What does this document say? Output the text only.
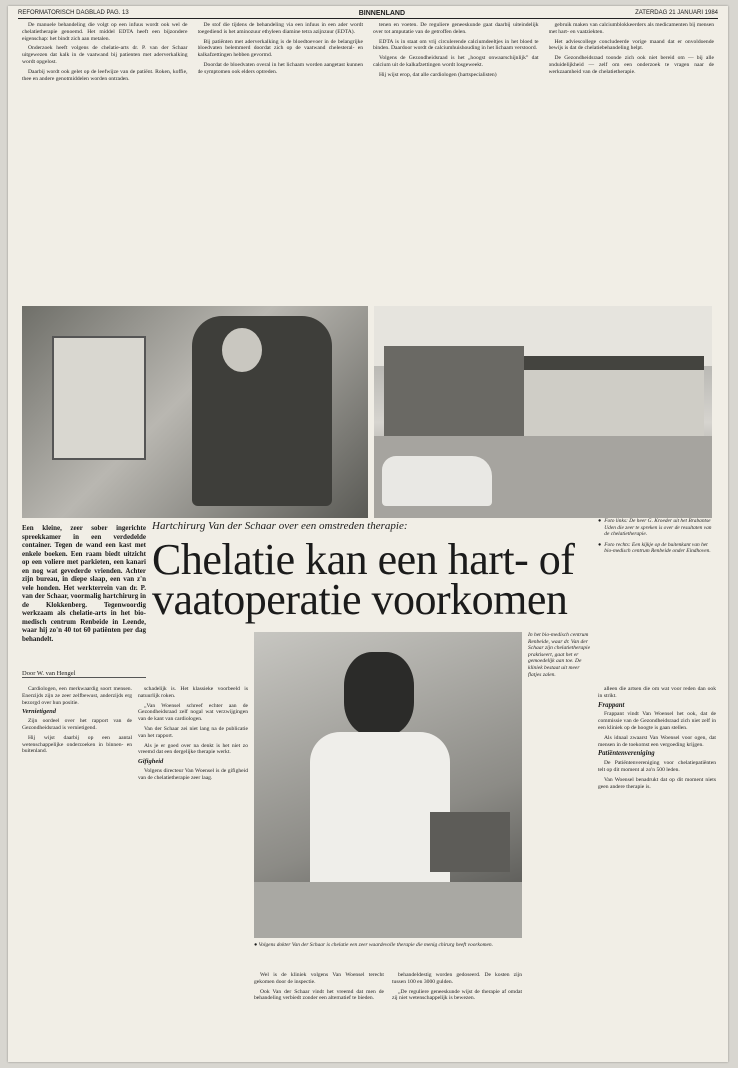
REFORMATORISCH DAGBLAD PAG. 13	BINNENLAND	ZATERDAG 21 JANUARI 1984

De manuele behandeling die volgt op een infuus wordt ook wel de chelatietherapie genoemd. Het middel EDTA heeft een bijzondere eigenschap: het bindt zich aan metalen.

Onderzoek heeft volgens de chelatie-arts dr. P. van der Schaar uitgewezen dat kalk in de vaatwand bij patienten met aderverkalking wordt opgelost.

Daarbij wordt ook gelet op de leefwijze van de patiënt. Roken, koffie, thee en andere genotmiddelen worden ontraden.

De stof die tijdens de behandeling via een infuus in een ader wordt toegediend is het aminozuur ethyleen diamine tetra azijnzuur (EDTA).

Bij patiënten met aderverkalking is de bloedtoevoer in de belangrijke bloedvaten belemmerd doordat zich op de vaatwand chelesteral- en kalkafzettingen hebben gevormd.

Doordat de bloedvaten overal in het lichaam worden aangetast kunnen de symptomen ook elders optreden.

tenen en voeten. De reguliere geneeskunde gaat daarbij uiteindelijk over tot amputatie van de getroffen delen.

EDTA is in staat om vrij circulerende calciumdeeltjes in het bloed te binden. Daardoor wordt de calciumhuishouding in het lichaam verstoord.

Volgens de Gezondheidsraad is het „hoogst onwaarschijnlijk” dat calcium uit de kalkafzettingen wordt losgeweekt.

Hij wijst erop, dat alle cardiologen (hartspecialisten)

gebruik maken van calciumblokkeerders als medicamenten bij mensen met hart- en vaatziekten.

Het adviescollege concludeerde vorige maand dat er onvoldoende bewijs is dat de chelatiebehandeling helpt.

De Gezondheidsraad toonde zich ook niet bereid om — bij alle onduidelijkheid — zelf om een onderzoek te vragen naar de werkzaamheid van de chelatietherapie.

Een kleine, zeer sober ingerichte spreekkamer in een verdedelde container. Tegen de wand een kast met enkele boeken. Een raam biedt uitzicht op een voliere met parkieten, een kanari en nog wat gevederde vrienden. Achter zijn bureau, in diepe slaap, een van z'n vele honden. Het werkterrein van dr. P. van der Schaar, voormalig hartchirurg in de Klokkenberg. Tegenwoordig werkzaam als chelatie-arts in het bio-medisch centrum Renbeide in Leende, waar hij zo'n 40 tot 60 patiënten per dag behandelt.
Door W. van Hengel
Hartchirurg Van der Schaar over een omstreden therapie:
Chelatie kan een hart- of vaatoperatie voorkomen
● Foto links: De heer G. Kroeder uit het Brabantse Uden die zeer te spreken is over de resultaten van de chelatietherapie.
● Foto rechts: Een kijkje op de buitenkant van het bio-medisch centrum Renbeide onder Eindhoven.

Cardiologen, een merkwaardig soort mensen. Enerzijds zijn ze zeer zelfbewust, anderzijds erg bezorgd over hun positie.

Vernietigend

Zijn oordeel over het rapport van de Gezondheidsraad is vernietigend.

Hij wijst daarbij op een aantal wetenschappelijke onderzoeken in binnen- en buitenland.

schadelijk is. Het klassieke voorbeeld is natuurlijk roken.

„Van Woensel schreef echter aan de Gezondheidsraad zelf nogal wat verzwijgingen van de kant van cardiologen.

Van der Schaar zei niet lang na de publicatie van het rapport.

Als je er goed over na denkt is het niet zo vreemd dat een dergelijke therapie werkt.

Gifigheid

Volgens directeur Van Woensel is de gifigheid van de chelatietherapie zeer laag.

● Volgens dokter Van der Schaar is chelatie een zeer waardevolle therapie die menig chirurg heeft voorkomen.

Wel is de kliniek volgens Van Woensel terecht gekomen door de inspectie.

Ook Van der Schaar vindt het vreemd dat men de behandeling verbiedt zonder een alternatief te bieden.

behandeldestig worden gedoseerd. De kosten zijn tussen 100 en 3000 gulden.

„De reguliere geneeskunde wijst de therapie af omdat zij niet wetenschappelijk is bewezen.

In het bio-medisch centrum Renbeide, waar dr. Van der Schaar zijn chelatietherapie praktiseert, gaat het er gemoedelijk aan toe. De kliniek bestaat uit meer flatjes zalen.

alleen die artsen die om wat voor reden dan ook in strikt.

Frappant

Frappant vindt Van Woensel het ook, dat de commissie van de Gezondheidsraad zich niet zelf in een kliniek op de hoogte is gaan stellen.

Als idnaal zwaarst Van Woensel voor ogen, dat mensen in de toekomst een vergoeding krijgen.

Patiëntenvereniging

De Patiëntenvereniging voor chelatiepatiënten telt op dit moment al zo'n 500 leden.

Van Woensel benadrukt dat op dit moment niets geen andere therapie is.
